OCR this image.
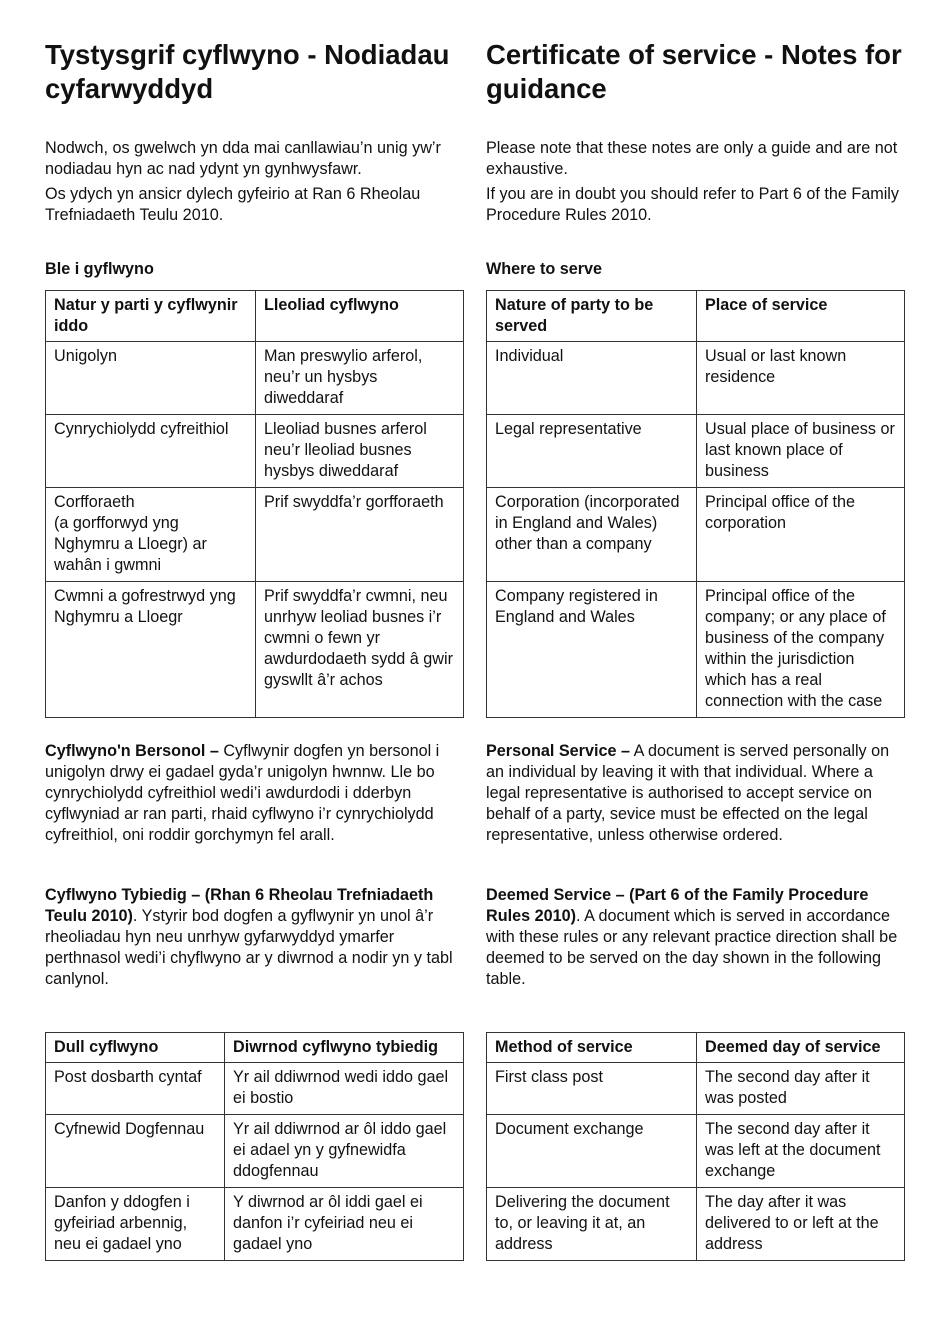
Tystysgrif cyflwyno - Nodiadau cyfarwyddyd

Nodwch, os gwelwch yn dda mai canllawiau’n unig yw’r nodiadau hyn ac nad ydynt yn gynhwysfawr.

Os ydych yn ansicr dylech gyfeirio at Ran 6 Rheolau Trefniadaeth Teulu 2010.

Ble i gyflwyno
Natur y parti y cyflwynir iddo	Lleoliad cyflwyno
Unigolyn	Man preswylio arferol, neu’r un hysbys diweddaraf
Cynrychiolydd cyfreithiol	Lleoliad busnes arferol neu’r lleoliad busnes hysbys diweddaraf
Corfforaeth
(a gorfforwyd yng Nghymru a Lloegr) ar wahân i gwmni	Prif swyddfa’r gorfforaeth
Cwmni a gofrestrwyd yng Nghymru a Lloegr	Prif swyddfa’r cwmni, neu unrhyw leoliad busnes i’r cwmni o fewn yr awdurdodaeth sydd â gwir gyswllt â’r achos

Cyflwyno'n Bersonol – Cyflwynir dogfen yn bersonol i unigolyn drwy ei gadael gyda’r unigolyn hwnnw. Lle bo cynrychiolydd cyfreithiol wedi’i awdurdodi i dderbyn cyflwyniad ar ran parti, rhaid cyflwyno i’r cynrychiolydd cyfreithiol, oni roddir gorchymyn fel arall.

Cyflwyno Tybiedig – (Rhan 6 Rheolau Trefniadaeth Teulu 2010). Ystyrir bod dogfen a gyflwynir yn unol â’r rheoliadau hyn neu unrhyw gyfarwyddyd ymarfer perthnasol wedi’i chyflwyno ar y diwrnod a nodir yn y tabl canlynol.

Dull cyflwyno	Diwrnod cyflwyno tybiedig
Post dosbarth cyntaf	Yr ail ddiwrnod wedi iddo gael ei bostio
Cyfnewid Dogfennau	Yr ail ddiwrnod ar ôl iddo gael ei adael yn y gyfnewidfa ddogfennau
Danfon y ddogfen i gyfeiriad arbennig, neu ei gadael yno	Y diwrnod ar ôl iddi gael ei danfon i’r cyfeiriad neu ei gadael yno
Certificate of service - Notes for guidance

Please note that these notes are only a guide and are not exhaustive.

If you are in doubt you should refer to Part 6 of the Family Procedure Rules 2010.

Where to serve
Nature of party to be served	Place of service
Individual	Usual or last known residence
Legal representative	Usual place of business or last known place of business
Corporation (incorporated in England and Wales) other than a company	Principal office of the corporation
Company registered in England and Wales	Principal office of the company; or any place of business of the company within the jurisdiction which has a real connection with the case

Personal Service – A document is served personally on an individual by leaving it with that individual. Where a legal representative is authorised to accept service on behalf of a party, sevice must be effected on the legal representative, unless otherwise ordered.

Deemed Service – (Part 6 of the Family Procedure Rules 2010). A document which is served in accordance with these rules or any relevant practice direction shall be deemed to be served on the day shown in the following table.

Method of service	Deemed day of service
First class post	The second day after it was posted
Document exchange	The second day after it was left at the document exchange
Delivering the document to, or leaving it at, an address	The day after it was delivered to or left at the address
